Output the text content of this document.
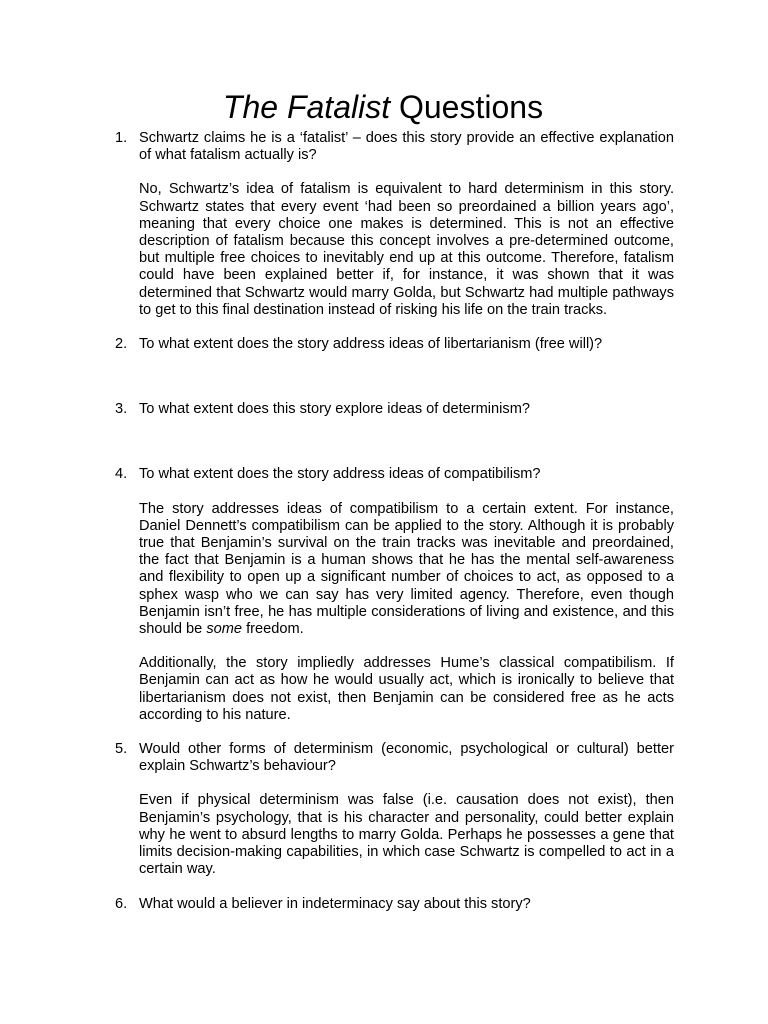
The Fatalist Questions

1. Schwartz claims he is a ‘fatalist’ – does this story provide an effective explanation of what fatalism actually is?

No, Schwartz’s idea of fatalism is equivalent to hard determinism in this story. Schwartz states that every event ‘had been so preordained a billion years ago’, meaning that every choice one makes is determined. This is not an effective description of fatalism because this concept involves a pre-determined outcome, but multiple free choices to inevitably end up at this outcome. Therefore, fatalism could have been explained better if, for instance, it was shown that it was determined that Schwartz would marry Golda, but Schwartz had multiple pathways to get to this final destination instead of risking his life on the train tracks.

2. To what extent does the story address ideas of libertarianism (free will)?

3. To what extent does this story explore ideas of determinism?

4. To what extent does the story address ideas of compatibilism?

The story addresses ideas of compatibilism to a certain extent. For instance, Daniel Dennett’s compatibilism can be applied to the story. Although it is probably true that Benjamin’s survival on the train tracks was inevitable and preordained, the fact that Benjamin is a human shows that he has the mental self-awareness and flexibility to open up a significant number of choices to act, as opposed to a sphex wasp who we can say has very limited agency. Therefore, even though Benjamin isn’t free, he has multiple considerations of living and existence, and this should be some freedom.

Additionally, the story impliedly addresses Hume’s classical compatibilism. If Benjamin can act as how he would usually act, which is ironically to believe that libertarianism does not exist, then Benjamin can be considered free as he acts according to his nature.

5. Would other forms of determinism (economic, psychological or cultural) better explain Schwartz’s behaviour?

Even if physical determinism was false (i.e. causation does not exist), then Benjamin’s psychology, that is his character and personality, could better explain why he went to absurd lengths to marry Golda. Perhaps he possesses a gene that limits decision-making capabilities, in which case Schwartz is compelled to act in a certain way.

6. What would a believer in indeterminacy say about this story?
